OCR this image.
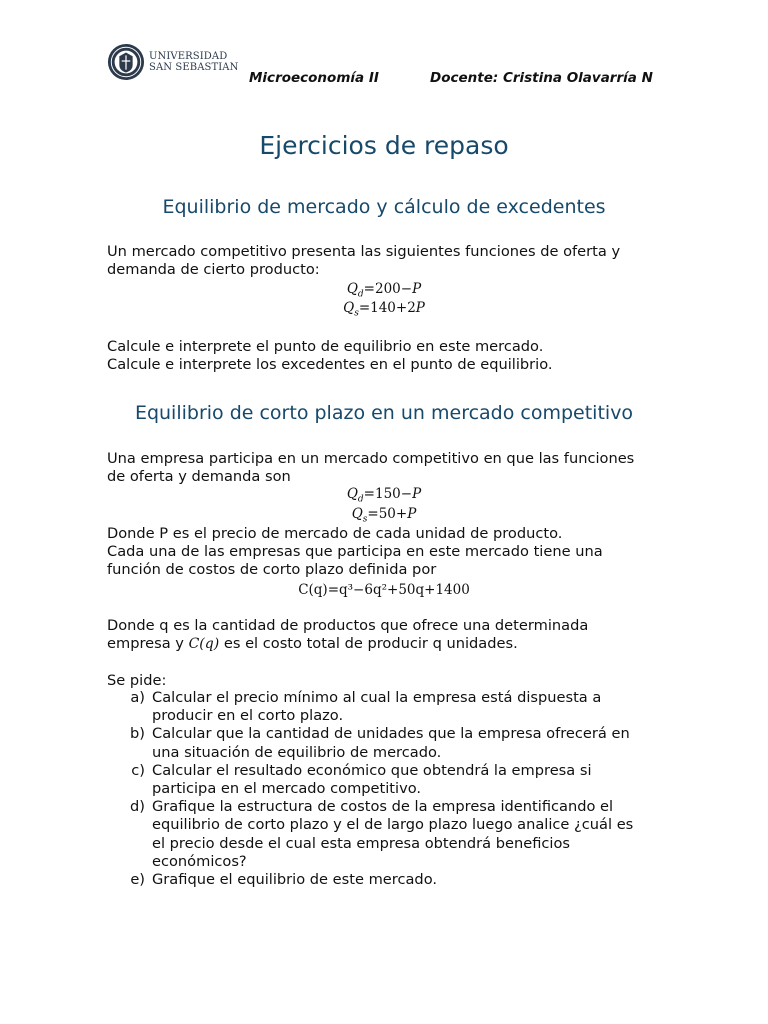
UNIVERSIDAD
SAN SEBASTIAN
Microeconomía II	Docente: Cristina Olavarría N
Ejercicios de repaso
Equilibrio de mercado y cálculo de excedentes
Un mercado competitivo presenta las siguientes funciones de oferta y
demanda de cierto producto:
$Q_d=200-P$
$Q_s=140+2P$
Calcule e interprete el punto de equilibrio en este mercado.
Calcule e interprete los excedentes en el punto de equilibrio.
Equilibrio de corto plazo en un mercado competitivo
Una empresa participa en un mercado competitivo en que las funciones
de oferta y demanda son
$Q_d=150-P$
$Q_s=50+P$
Donde P es el precio de mercado de cada unidad de producto.
Cada una de las empresas que participa en este mercado tiene una
función de costos de corto plazo definida por
C(q)=q³−6q²+50q+1400
Donde q es la cantidad de productos que ofrece una determinada
empresa y C(q) es el costo total de producir q unidades.
Se pide:
a) Calcular el precio mínimo al cual la empresa está dispuesta a
producir en el corto plazo.
b) Calcular que la cantidad de unidades que la empresa ofrecerá en
una situación de equilibrio de mercado.
c) Calcular el resultado económico que obtendrá la empresa si
participa en el mercado competitivo.
d) Grafique la estructura de costos de la empresa identificando el
equilibrio de corto plazo y el de largo plazo luego analice ¿cuál es
el precio desde el cual esta empresa obtendrá beneficios
económicos?
e) Grafique el equilibrio de este mercado.
